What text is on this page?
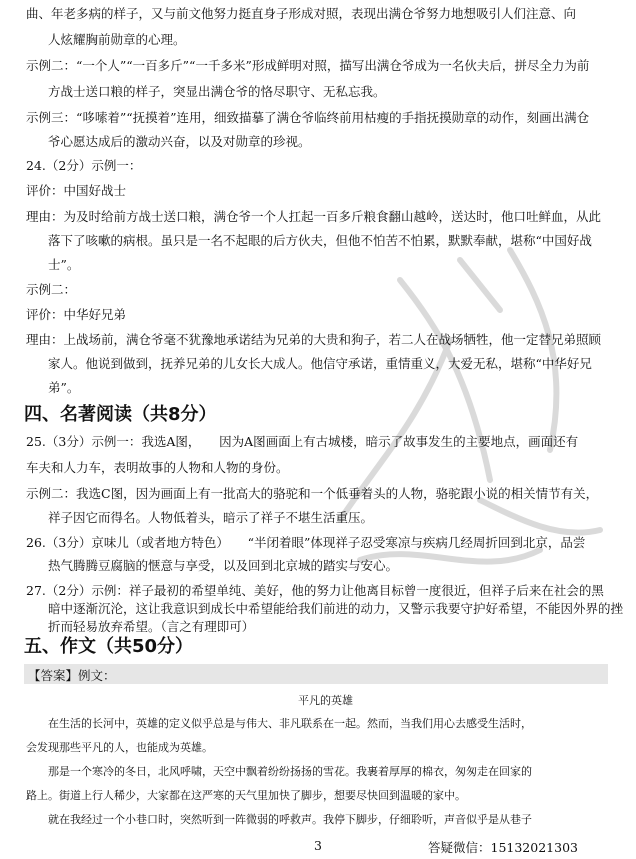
曲、年老多病的样子，又与前文他努力挺直身子形成对照，表现出满仓爷努力地想吸引人们注意、向
人炫耀胸前勋章的心理。
示例二：“一个人”“一百多斤”“一千多米”形成鲜明对照，描写出满仓爷成为一名伙夫后，拼尽全力为前
方战士送口粮的样子，突显出满仓爷的恪尽职守、无私忘我。
示例三：“哆嗦着”“抚摸着”连用，细致描摹了满仓爷临终前用枯瘦的手指抚摸勋章的动作，刻画出满仓
爷心愿达成后的激动兴奋，以及对勋章的珍视。
24.（2分）示例一：
评价：中国好战士
理由：为及时给前方战士送口粮，满仓爷一个人扛起一百多斤粮食翻山越岭，送达时，他口吐鲜血，从此
落下了咳嗽的病根。虽只是一名不起眼的后方伙夫，但他不怕苦不怕累，默默奉献，堪称“中国好战
士”。
示例二：
评价：中华好兄弟
理由：上战场前，满仓爷毫不犹豫地承诺结为兄弟的大贵和狗子，若二人在战场牺牲，他一定替兄弟照顾
家人。他说到做到，抚养兄弟的儿女长大成人。他信守承诺，重情重义，大爱无私，堪称“中华好兄
弟”。
四、名著阅读（共8分）
25.（3分）示例一：我选A图，　　因为A图画面上有古城楼，暗示了故事发生的主要地点，画面还有
车夫和人力车，表明故事的人物和人物的身份。
示例二：我选C图，因为画面上有一批高大的骆驼和一个低垂着头的人物，骆驼跟小说的相关情节有关，
祥子因它而得名。人物低着头，暗示了祥子不堪生活重压。
26.（3分）京味儿（或者地方特色）　　“半闭着眼”体现祥子忍受寒凉与疾病几经周折回到北京，品尝
热气腾腾豆腐脑的惬意与享受，以及回到北京城的踏实与安心。
27.（2分）示例：祥子最初的希望单纯、美好，他的努力让他离目标曾一度很近，但祥子后来在社会的黑
暗中逐渐沉沦，这让我意识到成长中希望能给我们前进的动力，又警示我要守护好希望，不能因外界的挫
折而轻易放弃希望。（言之有理即可）
五、作文（共50分）
【答案】例文：
平凡的英雄
在生活的长河中，英雄的定义似乎总是与伟大、非凡联系在一起。然而，当我们用心去感受生活时，
会发现那些平凡的人，也能成为英雄。
那是一个寒冷的冬日，北风呼啸，天空中飘着纷纷扬扬的雪花。我裹着厚厚的棉衣，匆匆走在回家的
路上。街道上行人稀少，大家都在这严寒的天气里加快了脚步，想要尽快回到温暖的家中。
就在我经过一个小巷口时，突然听到一阵微弱的呼救声。我停下脚步，仔细聆听，声音似乎是从巷子
3	答疑微信：15132021303
